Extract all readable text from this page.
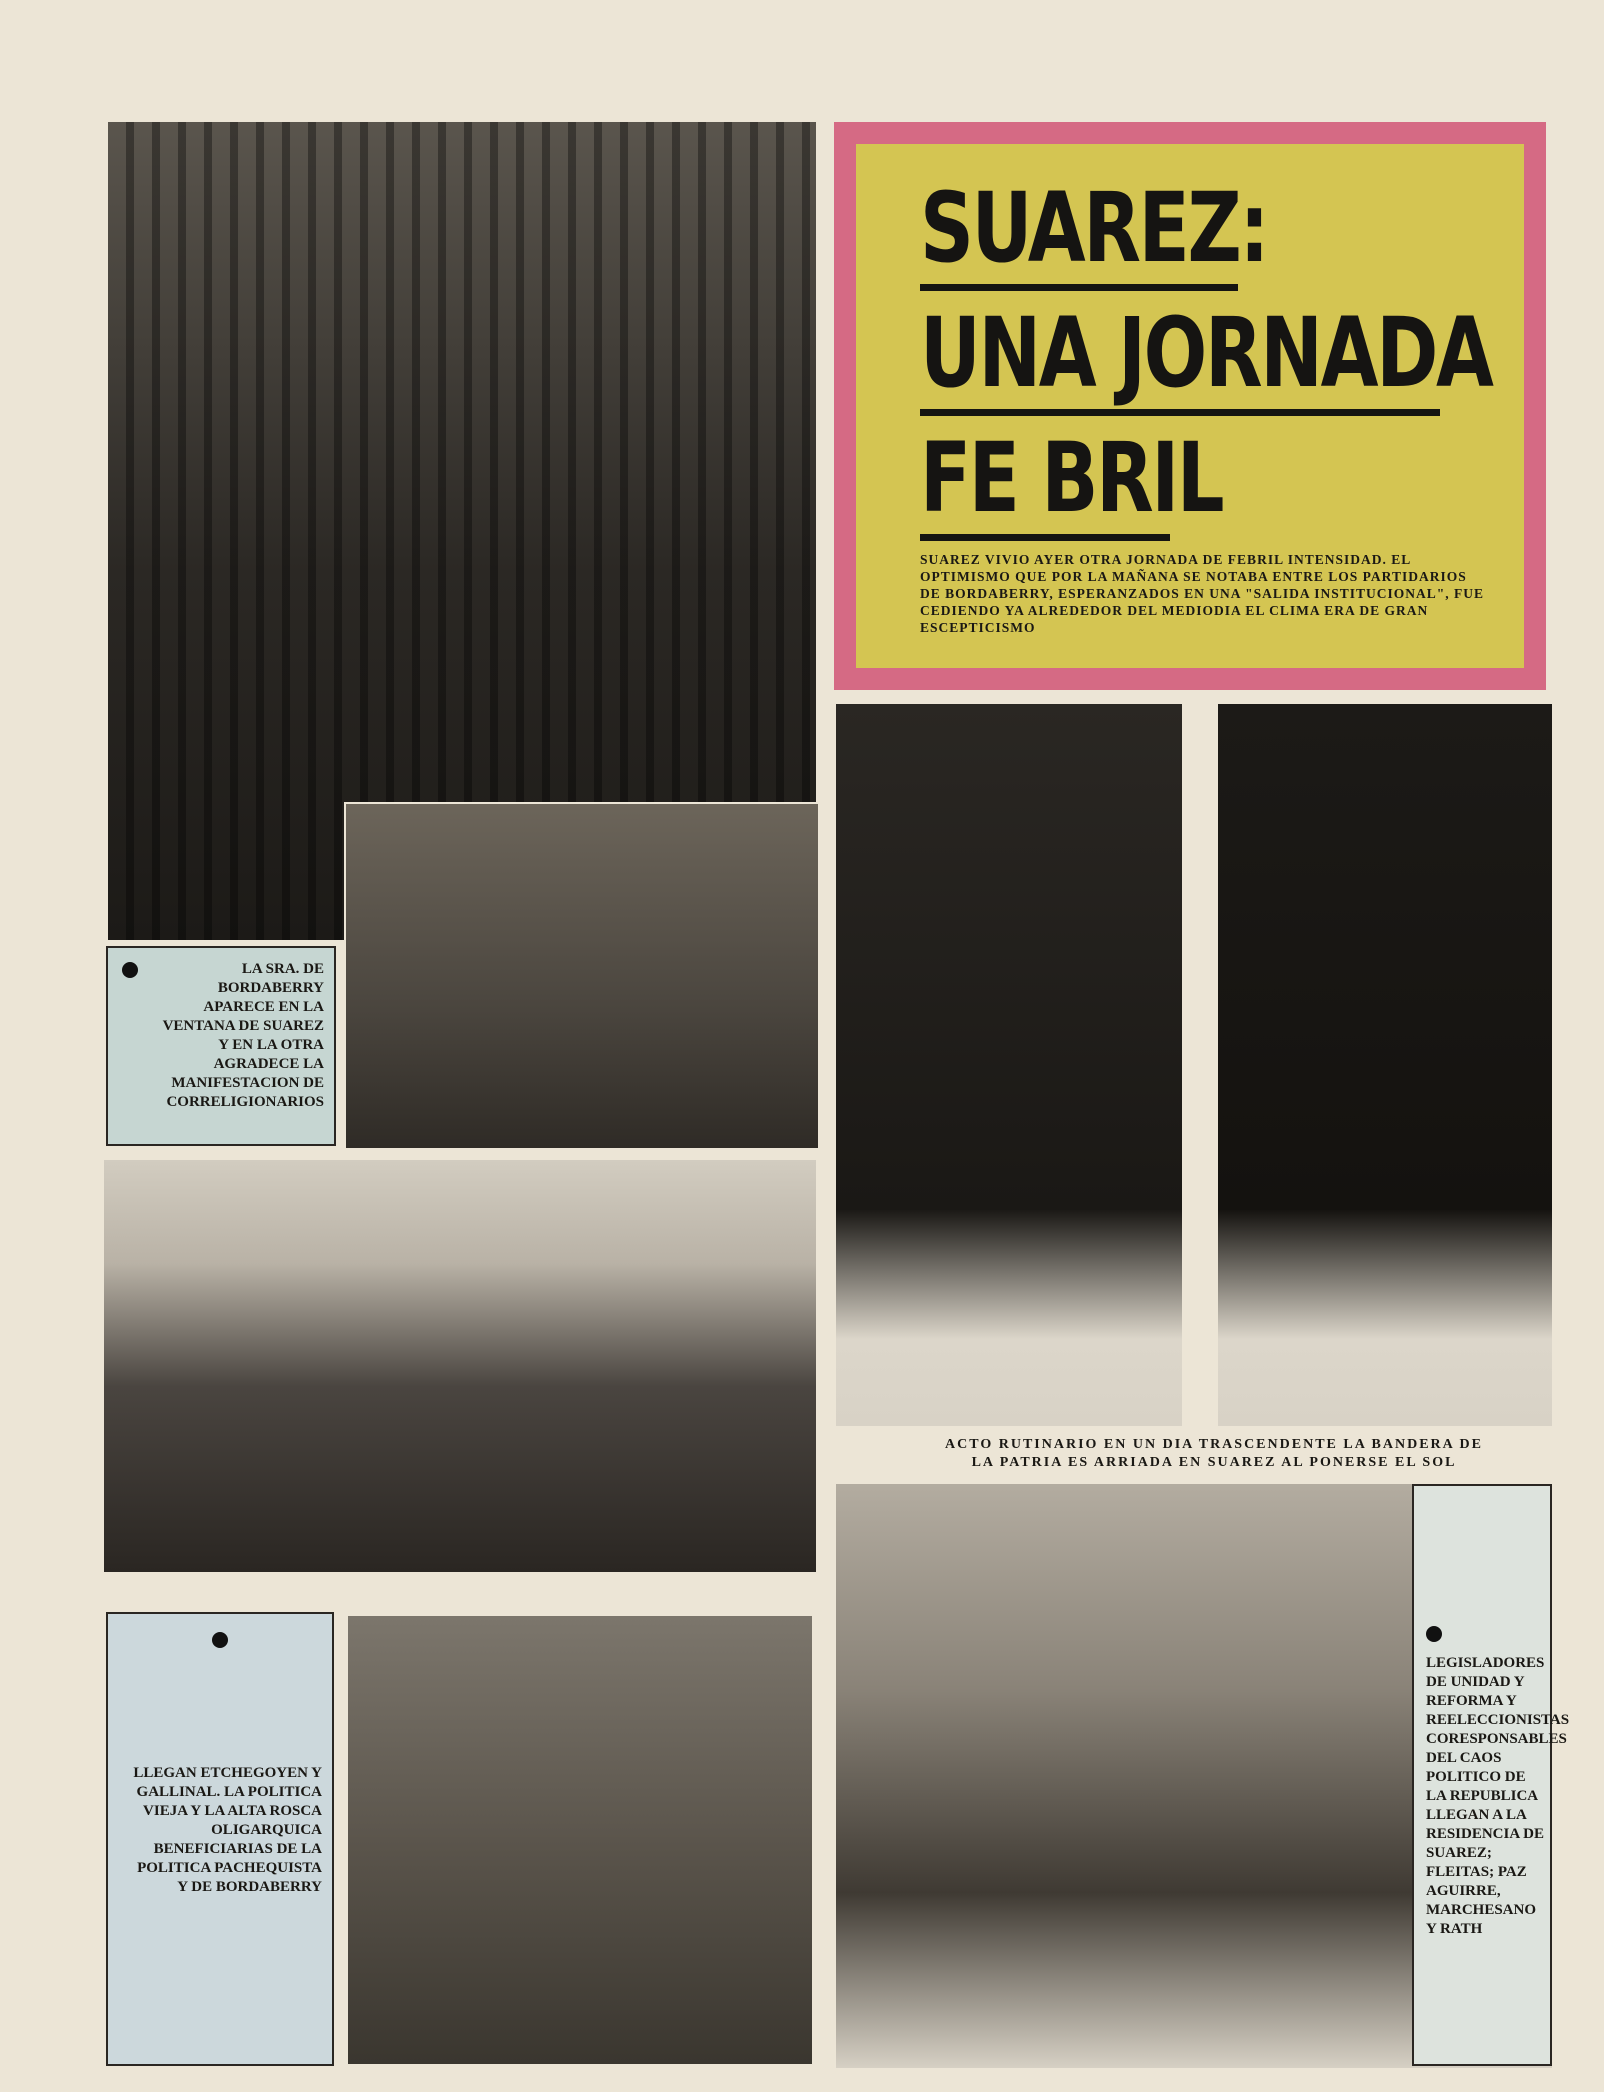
SUAREZ:
UNA JORNADA
FE BRIL
SUAREZ VIVIO AYER OTRA JORNADA DE FEBRIL INTENSIDAD. EL OPTIMISMO QUE POR LA MAÑANA SE NOTABA ENTRE LOS PARTIDARIOS DE BORDABERRY, ESPERANZADOS EN UNA "SALIDA INSTITUCIONAL", FUE CEDIENDO YA ALREDEDOR DEL MEDIODIA EL CLIMA ERA DE GRAN ESCEPTICISMO
LA SRA. DE BORDABERRY APARECE EN LA VENTANA DE SUAREZ Y EN LA OTRA AGRADECE LA MANIFESTACION DE CORRELIGIONARIOS
ACTO RUTINARIO EN UN DIA TRASCENDENTE LA BANDERA DE LA PATRIA ES ARRIADA EN SUAREZ AL PONERSE EL SOL
LLEGAN ETCHEGOYEN Y GALLINAL. LA POLITICA VIEJA Y LA ALTA ROSCA OLIGARQUICA BENEFICIARIAS DE LA POLITICA PACHEQUISTA Y DE BORDABERRY
LEGISLADORES DE UNIDAD Y REFORMA Y REELECCIONISTAS CORESPONSABLES DEL CAOS POLITICO DE LA REPUBLICA LLEGAN A LA RESIDENCIA DE SUAREZ; FLEITAS; PAZ AGUIRRE, MARCHESANO Y RATH
